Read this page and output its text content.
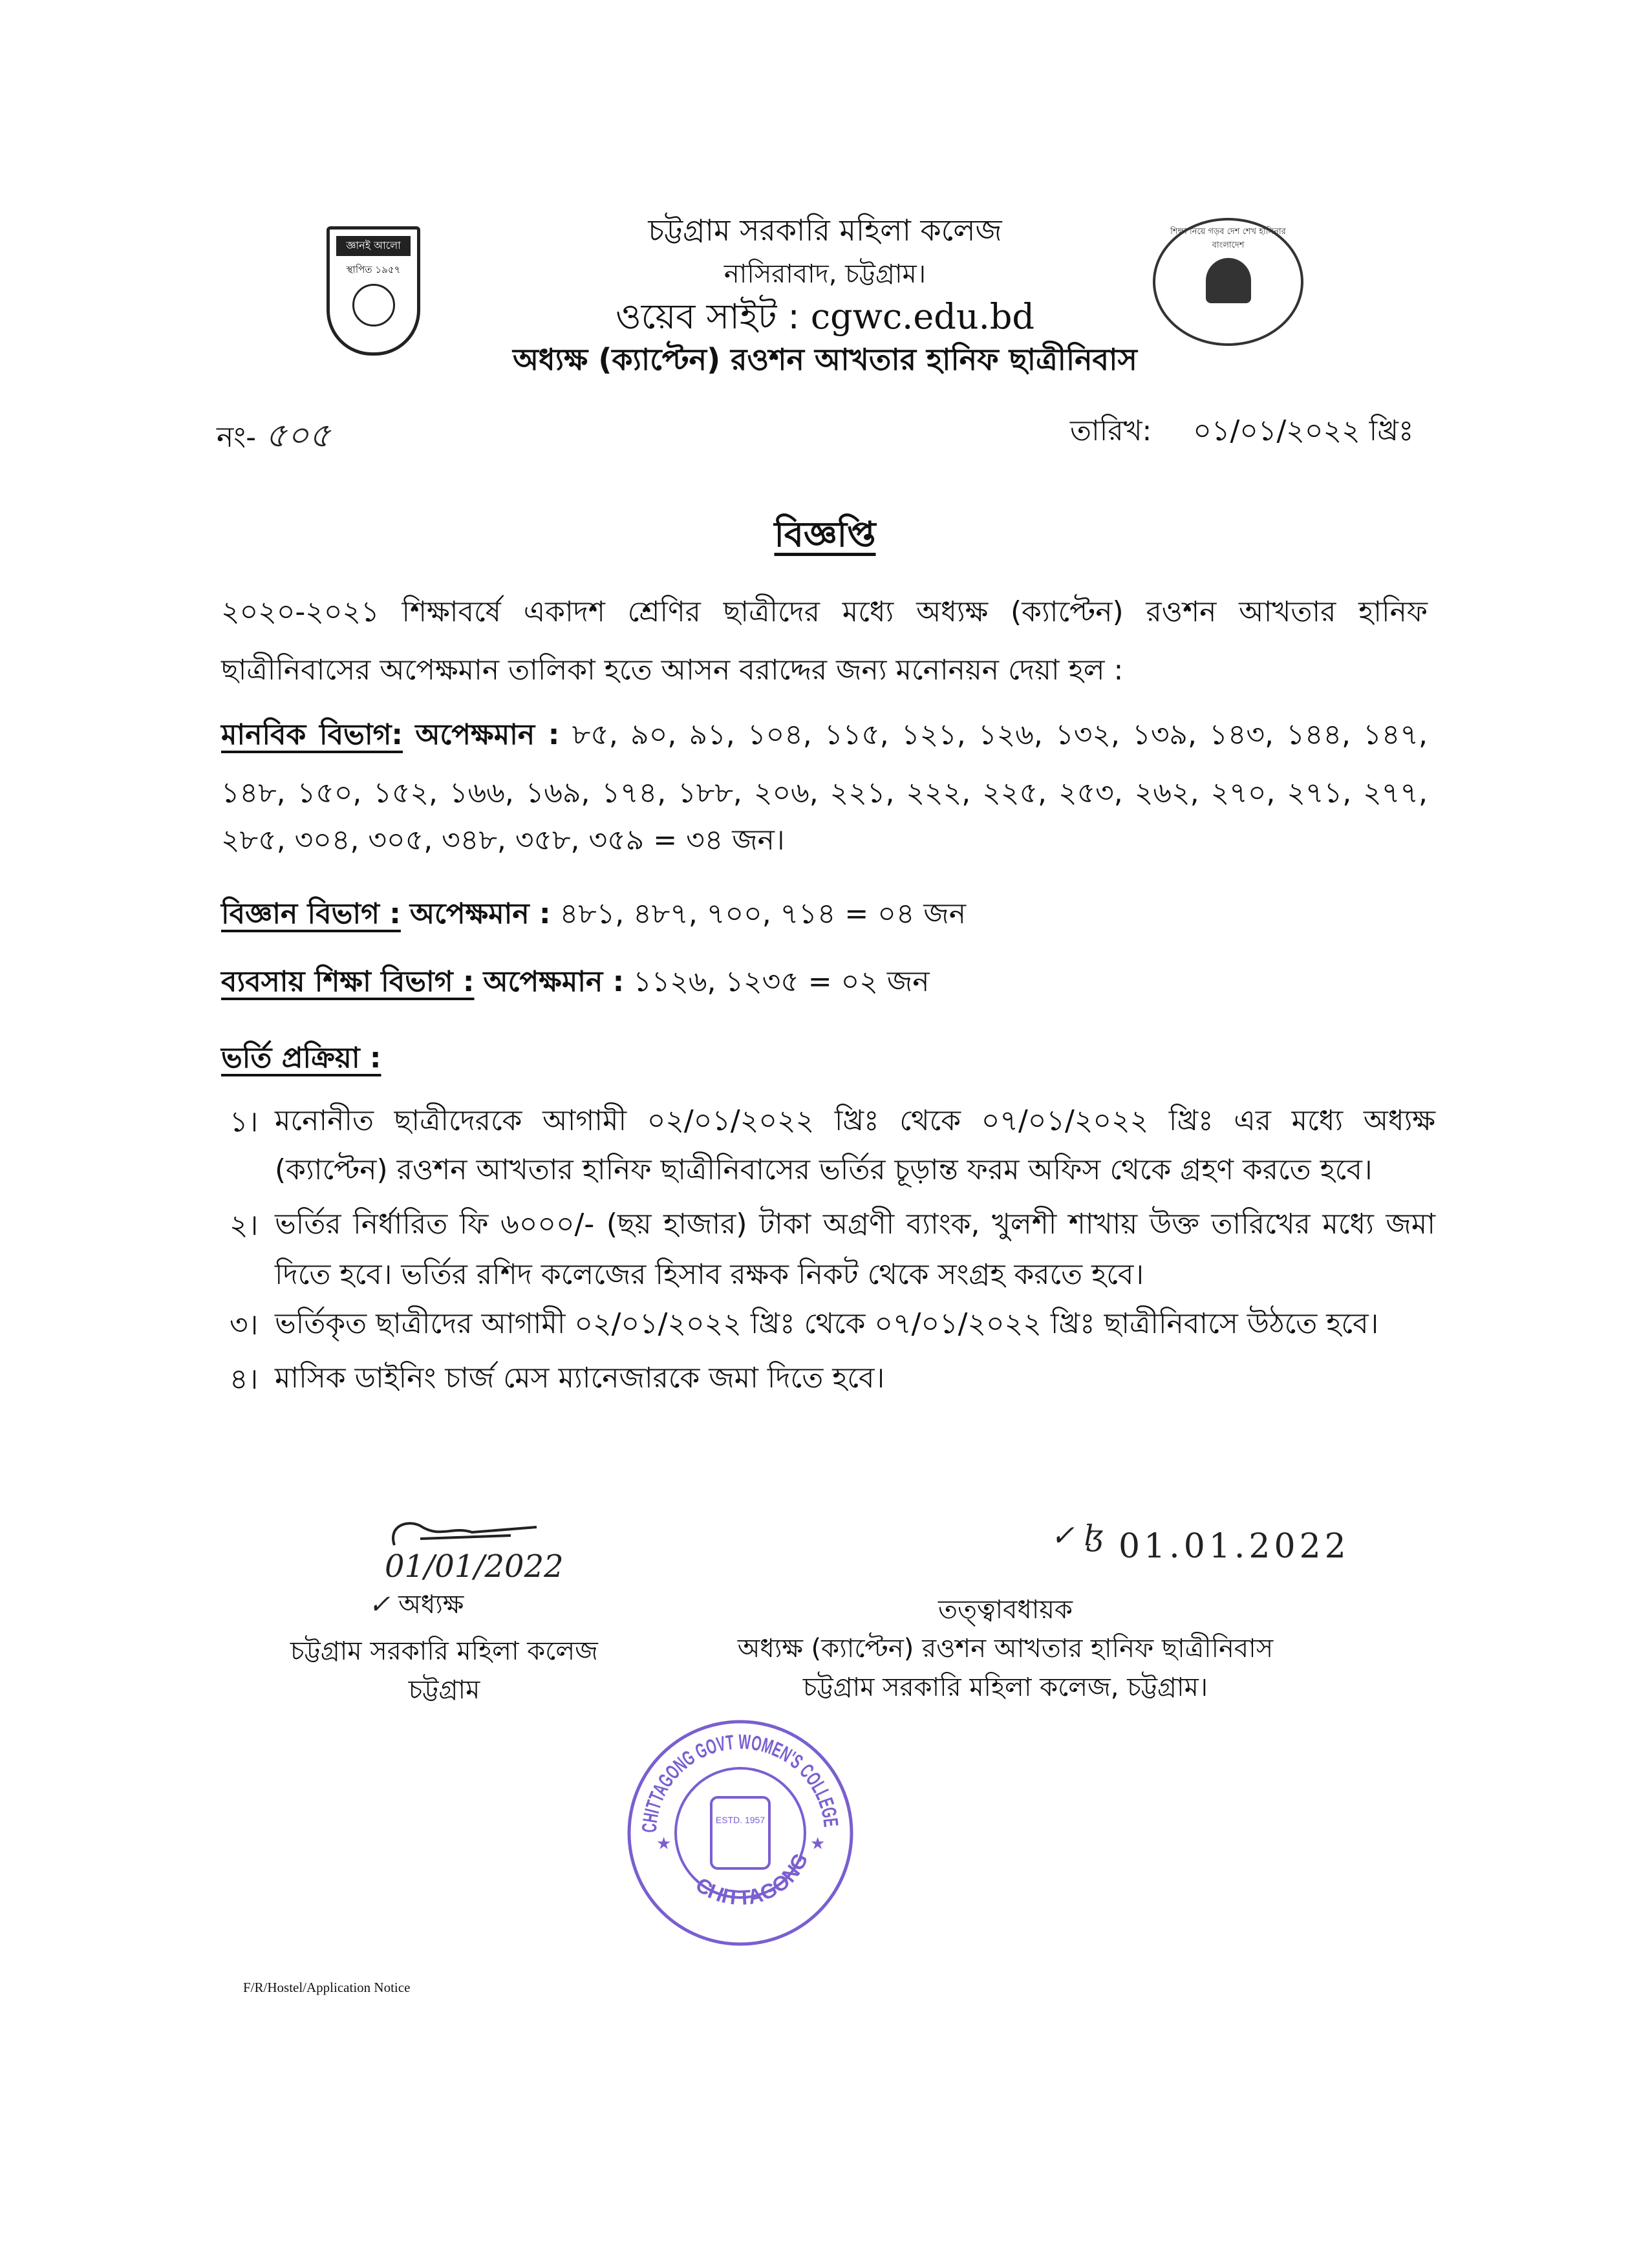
জ্ঞানই আলো
স্থাপিত ১৯৫৭
চট্টগ্রাম সরকারি মহিলা কলেজ
নাসিরাবাদ, চট্টগ্রাম।
ওয়েব সাইট : cgwc.edu.bd
অধ্যক্ষ (ক্যাপ্টেন) রওশন আখতার হানিফ ছাত্রীনিবাস
শিক্ষা নিয়ে গড়ব দেশ শেখ হাসিনার বাংলাদেশ
নং- ৫০৫	তারিখ: ০১/০১/২০২২ খ্রিঃ
বিজ্ঞপ্তি
২০২০-২০২১ শিক্ষাবর্ষে একাদশ শ্রেণির ছাত্রীদের মধ্যে অধ্যক্ষ (ক্যাপ্টেন) রওশন আখতার হানিফ
ছাত্রীনিবাসের অপেক্ষমান তালিকা হতে আসন বরাদ্দের জন্য মনোনয়ন দেয়া হল :
মানবিক বিভাগ: অপেক্ষমান : ৮৫, ৯০, ৯১, ১০৪, ১১৫, ১২১, ১২৬, ১৩২, ১৩৯, ১৪৩, ১৪৪, ১৪৭,
১৪৮, ১৫০, ১৫২, ১৬৬, ১৬৯, ১৭৪, ১৮৮, ২০৬, ২২১, ২২২, ২২৫, ২৫৩, ২৬২, ২৭০, ২৭১, ২৭৭,
২৮৫, ৩০৪, ৩০৫, ৩৪৮, ৩৫৮, ৩৫৯ = ৩৪ জন।
বিজ্ঞান বিভাগ : অপেক্ষমান : ৪৮১, ৪৮৭, ৭০০, ৭১৪ = ০৪ জন
ব্যবসায় শিক্ষা বিভাগ : অপেক্ষমান : ১১২৬, ১২৩৫ = ০২ জন
ভর্তি প্রক্রিয়া :
১। মনোনীত ছাত্রীদেরকে আগামী ০২/০১/২০২২ খ্রিঃ থেকে ০৭/০১/২০২২ খ্রিঃ এর মধ্যে অধ্যক্ষ
(ক্যাপ্টেন) রওশন আখতার হানিফ ছাত্রীনিবাসের ভর্তির চূড়ান্ত ফরম অফিস থেকে গ্রহণ করতে হবে।
২। ভর্তির নির্ধারিত ফি ৬০০০/- (ছয় হাজার) টাকা অগ্রণী ব্যাংক, খুলশী শাখায় উক্ত তারিখের মধ্যে জমা
দিতে হবে। ভর্তির রশিদ কলেজের হিসাব রক্ষক নিকট থেকে সংগ্রহ করতে হবে।
৩। ভর্তিকৃত ছাত্রীদের আগামী ০২/০১/২০২২ খ্রিঃ থেকে ০৭/০১/২০২২ খ্রিঃ ছাত্রীনিবাসে উঠতে হবে।
৪। মাসিক ডাইনিং চার্জ মেস ম্যানেজারকে জমা দিতে হবে।
01/01/2022
✓ অধ্যক্ষ
চট্টগ্রাম সরকারি মহিলা কলেজ
চট্টগ্রাম
✓ ɮ 01.01.2022
তত্ত্বাবধায়ক
অধ্যক্ষ (ক্যাপ্টেন) রওশন আখতার হানিফ ছাত্রীনিবাস
চট্টগ্রাম সরকারি মহিলা কলেজ, চট্টগ্রাম।
CHITTAGONG GOVT WOMEN'S COLLEGE
CHITTAGONG
ESTD. 1957
★	★
F/R/Hostel/Application Notice
